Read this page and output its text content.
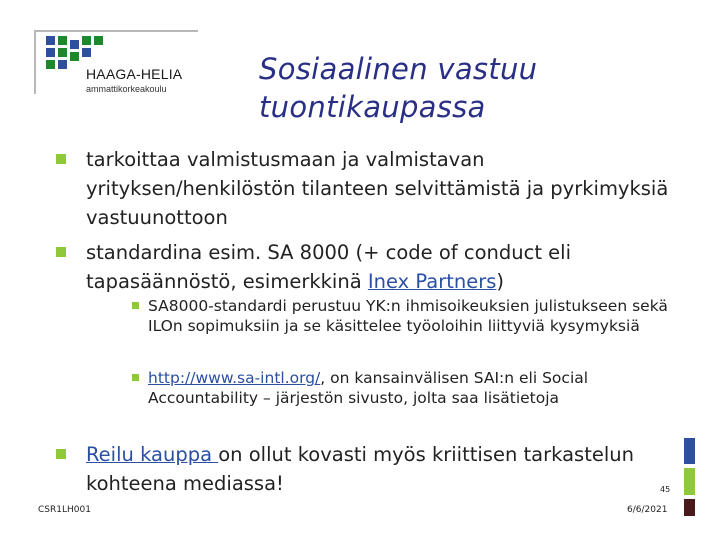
HAAGA-HELIA
ammattikorkeakoulu
Sosiaalinen vastuu
tuontikaupassa
tarkoittaa valmistusmaan ja valmistavan yrityksen/henkilöstön tilanteen selvittämistä ja pyrkimyksiä vastuunottoon
standardina esim. SA 8000 (+ code of conduct eli tapasäännöstö, esimerkkinä Inex Partners)
SA8000-standardi perustuu YK:n ihmisoikeuksien julistukseen sekä ILOn sopimuksiin ja se käsittelee työoloihin liittyviä kysymyksiä
http://www.sa-intl.org/, on kansainvälisen SAI:n eli Social Accountability – järjestön sivusto, jolta saa lisätietoja
Reilu kauppa on ollut kovasti myös kriittisen tarkastelun kohteena mediassa!	45
CSR1LH001	6/6/2021
